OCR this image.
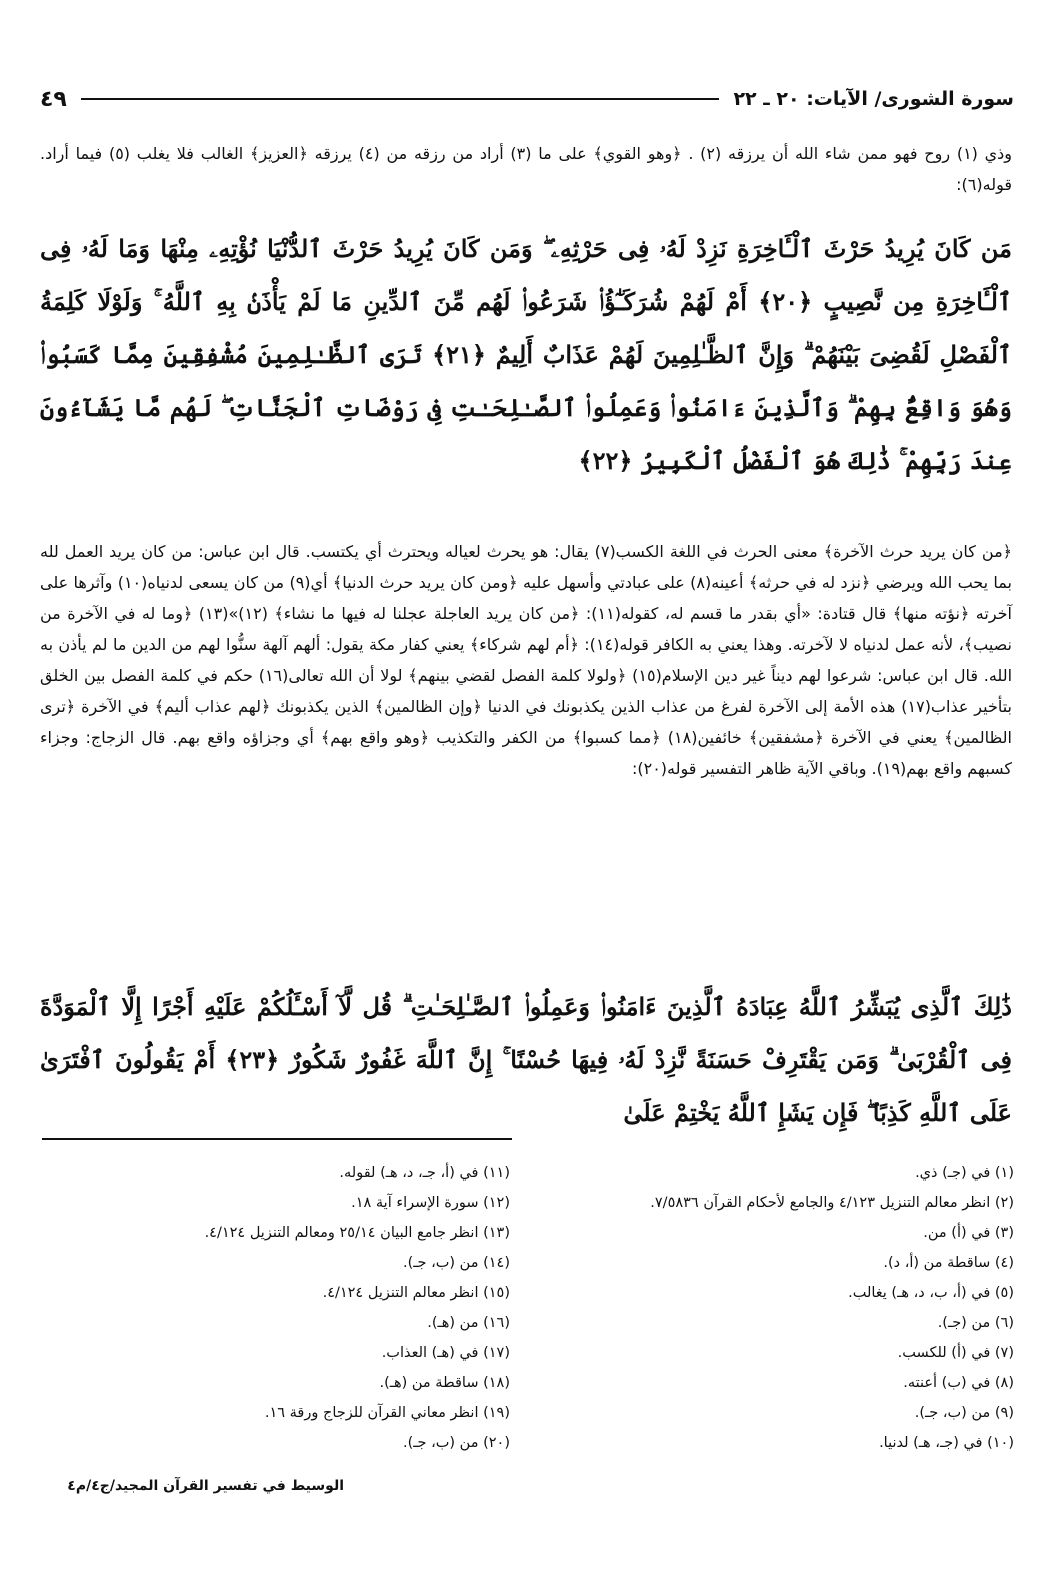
سورة الشورى/ الآيات: ٢٠ ـ ٢٢
٤٩
وذي (١) روح فهو ممن شاء الله أن يرزقه (٢) . ﴿وهو القوي﴾ على ما (٣) أراد من رزقه من (٤) يرزقه ﴿العزيز﴾ الغالب فلا يغلب (٥) فيما أراد. قوله(٦):
مَن كَانَ يُرِيدُ حَرْثَ ٱلْـَٔاخِرَةِ نَزِدْ لَهُۥ فِى حَرْثِهِۦ ۖ وَمَن كَانَ يُرِيدُ حَرْثَ ٱلدُّنْيَا نُؤْتِهِۦ مِنْهَا وَمَا لَهُۥ فِى ٱلْـَٔاخِرَةِ مِن نَّصِيبٍ ﴿٢٠﴾ أَمْ لَهُمْ شُرَكَـٰٓؤُا۟ شَرَعُوا۟ لَهُم مِّنَ ٱلدِّينِ مَا لَمْ يَأْذَنۢ بِهِ ٱللَّهُ ۚ وَلَوْلَا كَلِمَةُ ٱلْفَصْلِ لَقُضِىَ بَيْنَهُمْ ۗ وَإِنَّ ٱلظَّـٰلِمِينَ لَهُمْ عَذَابٌ أَلِيمٌ ﴿٢١﴾ تَرَى ٱلظَّـٰلِمِينَ مُشْفِقِينَ مِمَّا كَسَبُوا۟ وَهُوَ وَاقِعٌۢ بِهِمْ ۗ وَٱلَّذِينَ ءَامَنُوا۟ وَعَمِلُوا۟ ٱلصَّـٰلِحَـٰتِ فِى رَوْضَاتِ ٱلْجَنَّاتِ ۖ لَهُم مَّا يَشَآءُونَ عِندَ رَبِّهِمْ ۚ ذَٰلِكَ هُوَ ٱلْفَضْلُ ٱلْكَبِيرُ ﴿٢٢﴾
﴿من كان يريد حرث الآخرة﴾ معنى الحرث في اللغة الكسب(٧) يقال: هو يحرث لعياله ويحترث أي يكتسب. قال ابن عباس: من كان يريد العمل لله بما يحب الله ويرضي ﴿نزد له في حرثه﴾ أعينه(٨) على عبادتي وأسهل عليه ﴿ومن كان يريد حرث الدنيا﴾ أي(٩) من كان يسعى لدنياه(١٠) وآثرها على آخرته ﴿نؤته منها﴾ قال قتادة: «أي بقدر ما قسم له، كقوله(١١): ﴿من كان يريد العاجلة عجلنا له فيها ما نشاء﴾ (١٢)»(١٣) ﴿وما له في الآخرة من نصيب﴾، لأنه عمل لدنياه لا لآخرته. وهذا يعني به الكافر قوله(١٤): ﴿أم لهم شركاء﴾ يعني كفار مكة يقول: ألهم آلهة سنُّوا لهم من الدين ما لم يأذن به الله. قال ابن عباس: شرعوا لهم ديناً غير دين الإسلام(١٥) ﴿ولولا كلمة الفصل لقضي بينهم﴾ لولا أن الله تعالى(١٦) حكم في كلمة الفصل بين الخلق بتأخير عذاب(١٧) هذه الأمة إلى الآخرة لفرغ من عذاب الذين يكذبونك في الدنيا ﴿وإن الظالمين﴾ الذين يكذبونك ﴿لهم عذاب أليم﴾ في الآخرة ﴿ترى الظالمين﴾ يعني في الآخرة ﴿مشفقين﴾ خائفين(١٨) ﴿مما كسبوا﴾ من الكفر والتكذيب ﴿وهو واقع بهم﴾ أي وجزاؤه واقع بهم. قال الزجاج: وجزاء كسبهم واقع بهم(١٩). وباقي الآية ظاهر التفسير قوله(٢٠):
ذَٰلِكَ ٱلَّذِى يُبَشِّرُ ٱللَّهُ عِبَادَهُ ٱلَّذِينَ ءَامَنُوا۟ وَعَمِلُوا۟ ٱلصَّـٰلِحَـٰتِ ۗ قُل لَّآ أَسْـَٔلُكُمْ عَلَيْهِ أَجْرًا إِلَّا ٱلْمَوَدَّةَ فِى ٱلْقُرْبَىٰ ۗ وَمَن يَقْتَرِفْ حَسَنَةً نَّزِدْ لَهُۥ فِيهَا حُسْنًا ۚ إِنَّ ٱللَّهَ غَفُورٌ شَكُورٌ ﴿٢٣﴾ أَمْ يَقُولُونَ ٱفْتَرَىٰ عَلَى ٱللَّهِ كَذِبًا ۖ فَإِن يَشَإِ ٱللَّهُ يَخْتِمْ عَلَىٰ
(١) في (جـ) ذي.
(٢) انظر معالم التنزيل ٤/١٢٣ والجامع لأحكام القرآن ٧/٥٨٣٦.
(٣) في (أ) من.
(٤) ساقطة من (أ، د).
(٥) في (أ، ب، د، هـ) يغالب.
(٦) من (جـ).
(٧) في (أ) للكسب.
(٨) في (ب) أعنته.
(٩) من (ب، جـ).
(١٠) في (جـ، هـ) لدنيا.
(١١) في (أ، جـ، د، هـ) لقوله.
(١٢) سورة الإسراء آية ١٨.
(١٣) انظر جامع البيان ٢٥/١٤ ومعالم التنزيل ٤/١٢٤.
(١٤) من (ب، جـ).
(١٥) انظر معالم التنزيل ٤/١٢٤.
(١٦) من (هـ).
(١٧) في (هـ) العذاب.
(١٨) ساقطة من (هـ).
(١٩) انظر معاني القرآن للزجاج ورقة ١٦.
(٢٠) من (ب، جـ).
الوسيط في تفسير القرآن المجيد/ج٤/م٤
